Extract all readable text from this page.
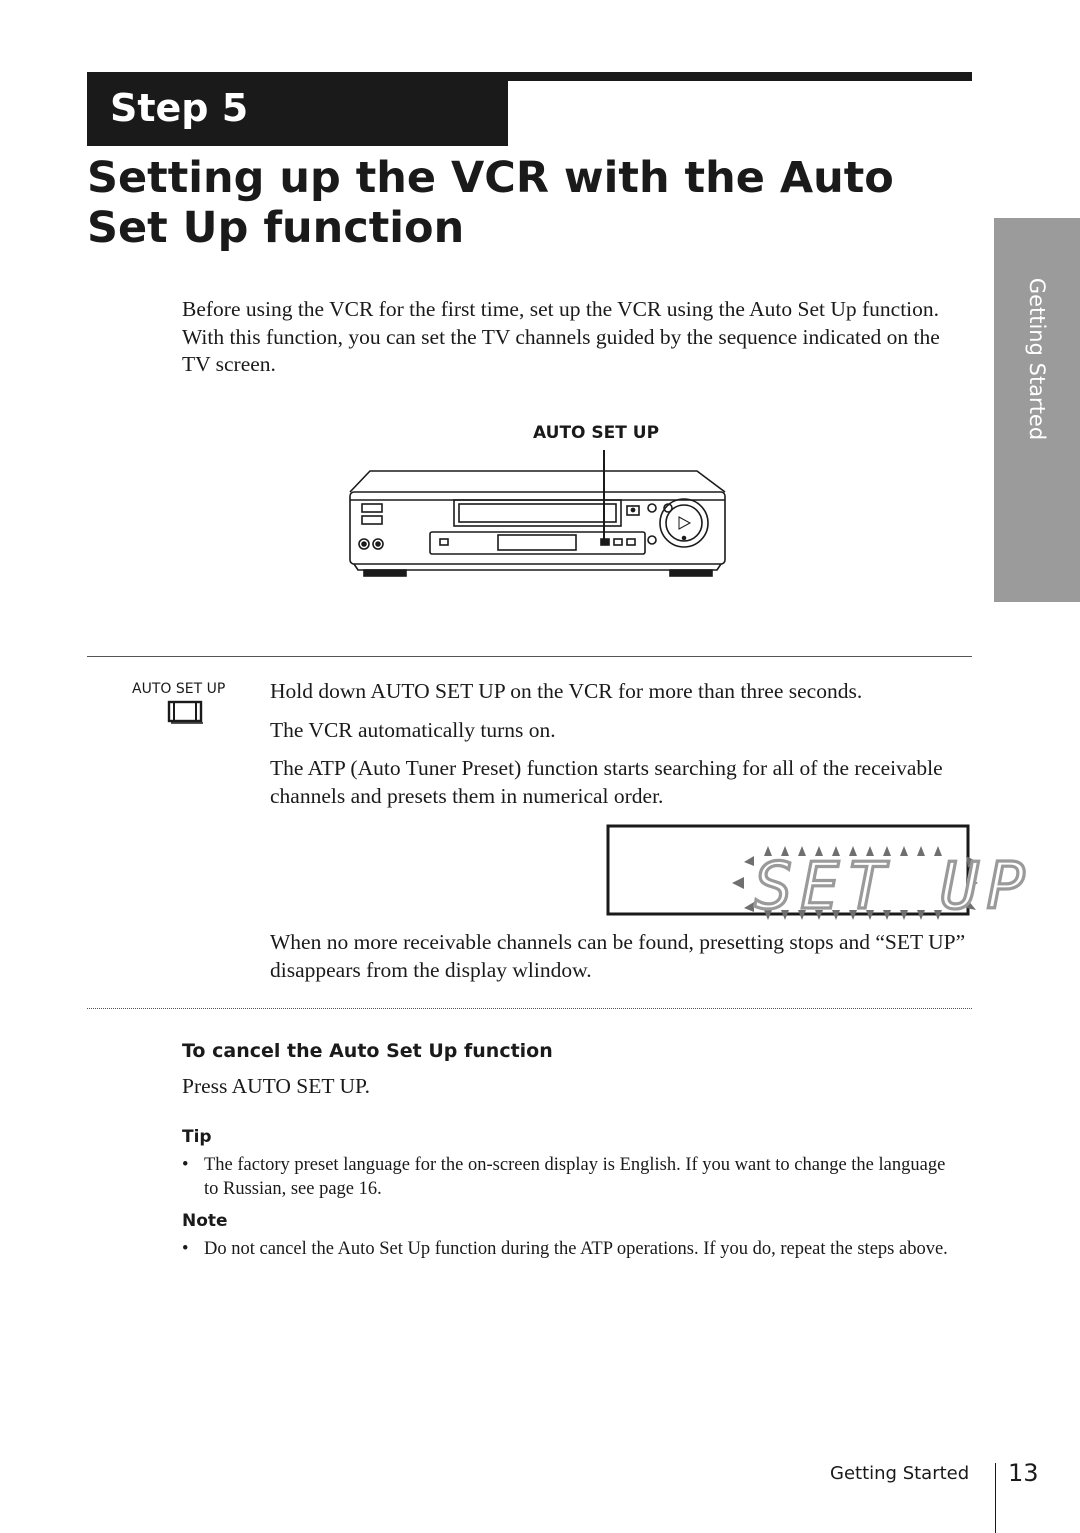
Step 5
Setting up the VCR with the Auto Set Up function
Getting Started
Before using the VCR for the first time, set up the VCR using the Auto Set Up function. With this function, you can set the TV channels guided by the sequence indicated on the TV screen.
AUTO SET UP
AUTO SET UP Hold down AUTO SET UP on the VCR for more than three seconds.
The VCR automatically turns on.
The ATP (Auto Tuner Preset) function starts searching for all of the receivable channels and presets them in numerical order.
SET UP
When no more receivable channels can be found, presetting stops and “SET UP” disappears from the display wlindow.
To cancel the Auto Set Up function
Press AUTO SET UP.
Tip
• The factory preset language for the on-screen display is English. If you want to change the language to Russian, see page 16.
Note
• Do not cancel the Auto Set Up function during the ATP operations. If you do, repeat the steps above.
Getting Started 13
